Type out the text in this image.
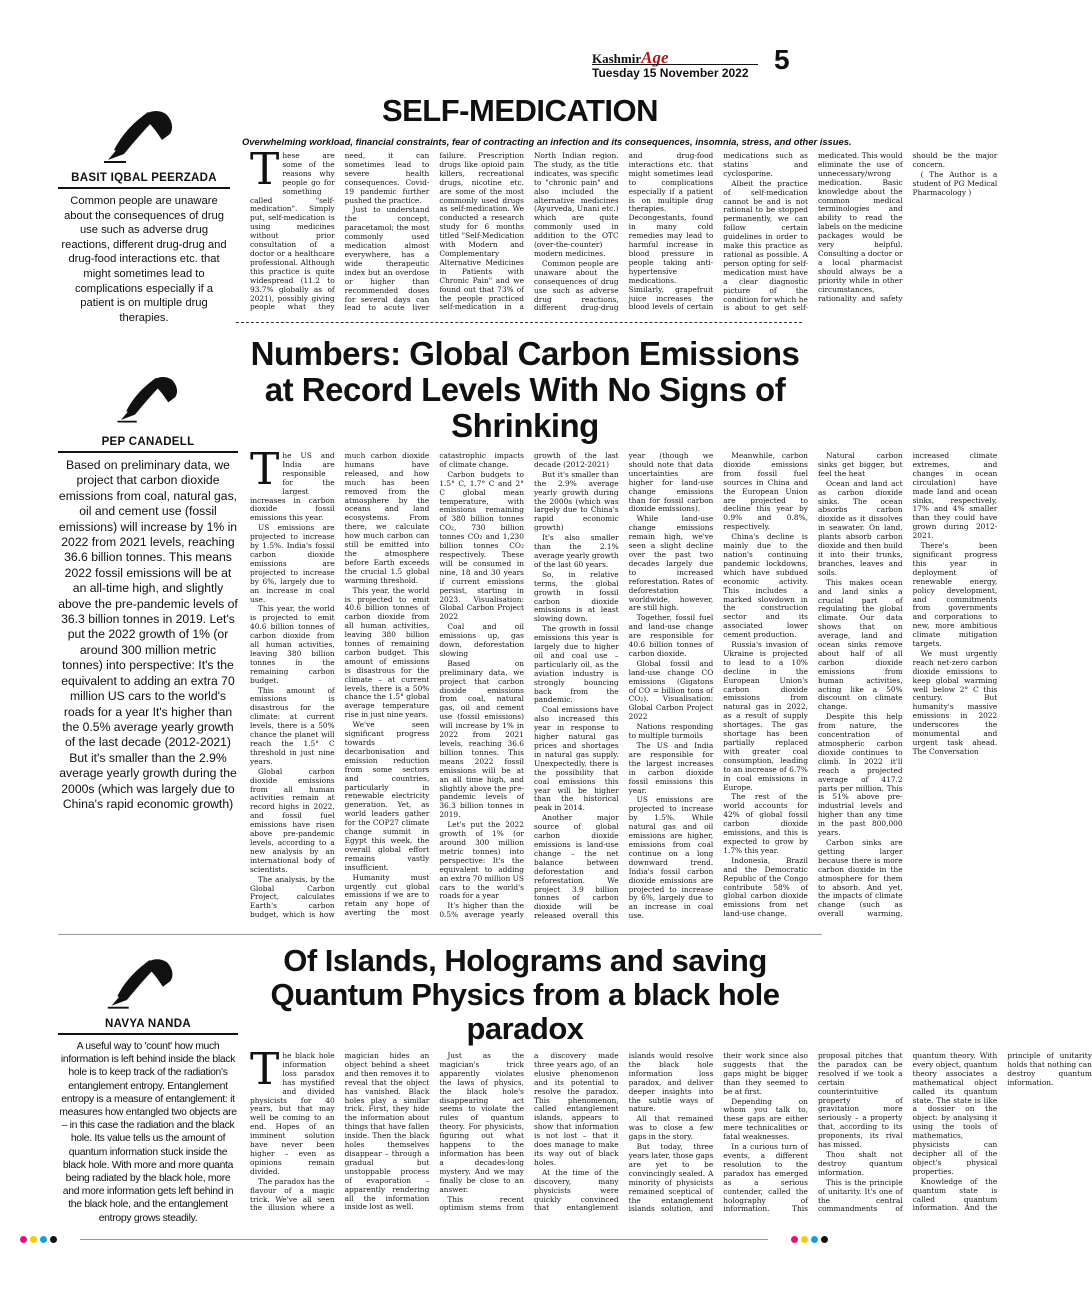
KashmirAge
Tuesday 15 November 2022 5
BASIT IQBAL PEERZADA
Common people are unaware about the consequences of drug use such as adverse drug reactions, different drug-drug and drug-food interactions etc. that might sometimes lead to complications especially if a patient is on multiple drug therapies.
SELF-MEDICATION
Overwhelming workload, financial constraints, fear of contracting an infection and its consequences, insomnia, stress, and other issues.

These are some of the reasons why people go for something called "self-medication". Simply put, self-medication is using medicines without prior consultation of a doctor or a healthcare professional. Although this practice is quite widespread (11.2 to 93.7% globally as of 2021), possibly giving people what they need, it can sometimes lead to severe health consequences. Covid-19 pandemic further pushed the practice.

Just to understand the concept, paracetamol; the most commonly used medication almost everywhere, has a wide therapeutic index but an overdose or higher than recommended doses for several days can lead to acute liver failure. Prescription drugs like opioid pain killers, recreational drugs, nicotine etc. are some of the most commonly used drugs as self-medication. We conducted a research study for 6 months titled "Self-Medication with Modern and Complementary Alternative Medicines in Patients with Chronic Pain" and we found out that 73% of the people practiced self-medication in a North Indian region. The study, as the title indicates, was specific to "chronic pain" and also included the alternative medicines (Ayurveda, Unani etc.) which are quite commonly used in addition to the OTC (over-the-counter) modern medicines.

Common people are unaware about the consequences of drug use such as adverse drug reactions, different drug-drug and drug-food interactions etc. that might sometimes lead to complications especially if a patient is on multiple drug therapies. Decongestants, found in many cold remedies may lead to harmful increase in blood pressure in people taking anti-hypertensive medications. Similarly, grapefruit juice increases the blood levels of certain medications such as statins and cyclosporine.

Albeit the practice of self-medication cannot be and is not rational to be stopped permanently, we can follow certain guidelines in order to make this practice as rational as possible. A person opting for self-medication must have a clear diagnostic picture of the condition for which he is about to get self-medicated. This would eliminate the use of unnecessary/wrong medication. Basic knowledge about the common medical terminologies and ability to read the labels on the medicine packages would be very helpful. Consulting a doctor or a local pharmacist should always be a priority while in other circumstances, rationality and safety should be the major concern.

( The Author is a student of PG Medical Pharmacology )

PEP CANADELL
Based on preliminary data, we project that carbon dioxide emissions from coal, natural gas, oil and cement use (fossil emissions) will increase by 1% in 2022 from 2021 levels, reaching 36.6 billion tonnes. This means 2022 fossil emissions will be at an all-time high, and slightly above the pre-pandemic levels of 36.3 billion tonnes in 2019. Let's put the 2022 growth of 1% (or around 300 million metric tonnes) into perspective: It's the equivalent to adding an extra 70 million US cars to the world's roads for a year It's higher than the 0.5% average yearly growth of the last decade (2012-2021) But it's smaller than the 2.9% average yearly growth during the 2000s (which was largely due to China's rapid economic growth)
Numbers: Global Carbon Emissions at Record Levels With No Signs of Shrinking

The US and India are responsible for the largest increases in carbon dioxide fossil emissions this year.

US emissions are projected to increase by 1.5%. India's fossil carbon dioxide emissions are projected to increase by 6%, largely due to an increase in coal use.

This year, the world is projected to emit 40.6 billion tonnes of carbon dioxide from all human activities, leaving 380 billion tonnes in the remaining carbon budget.

This amount of emissions is disastrous for the climate: at current levels, there is a 50% chance the planet will reach the 1.5° C threshold in just nine years.

Global carbon dioxide emissions from all human activities remain at record highs in 2022, and fossil fuel emissions have risen above pre-pandemic levels, according to a new analysis by an international body of scientists.

The analysis, by the Global Carbon Project, calculates Earth's carbon budget, which is how much carbon dioxide humans have released, and how much has been removed from the atmosphere by the oceans and land ecosystems. From there, we calculate how much carbon can still be emitted into the atmosphere before Earth exceeds the crucial 1.5 global warming threshold.

This year, the world is projected to emit 40.6 billion tonnes of carbon dioxide from all human activities, leaving 380 billion tonnes of remaining carbon budget. This amount of emissions is disastrous for the climate – at current levels, there is a 50% chance the 1.5° global average temperature rise in just nine years.

We've seen significant progress towards decarbonisation and emission reduction from some sectors and countries, particularly in renewable electricity generation. Yet, as world leaders gather for the COP27 climate change summit in Egypt this week, the overall global effort remains vastly insufficient.

Humanity must urgently cut global emissions if we are to retain any hope of averting the most catastrophic impacts of climate change.

Carbon budgets to 1.5° C, 1.7° C and 2° C global mean temperature, with emissions remaining of 380 billion tonnes CO₂, 730 billion tonnes CO₂ and 1,230 billion tonnes CO₂ respectively. These will be consumed in nine, 18 and 30 years if current emissions persist, starting in 2023. Visualisation: Global Carbon Project 2022

Coal and oil emissions up, gas down, deforestation slowing

Based on preliminary data, we project that carbon dioxide emissions from coal, natural gas, oil and cement use (fossil emissions) will increase by 1% in 2022 from 2021 levels, reaching 36.6 billion tonnes. This means 2022 fossil emissions will be at an all time high, and slightly above the pre-pandemic levels of 36.3 billion tonnes in 2019.

Let's put the 2022 growth of 1% (or around 300 million metric tonnes) into perspective: It's the equivalent to adding an extra 70 million US cars to the world's roads for a year

It's higher than the 0.5% average yearly growth of the last decade (2012-2021)

But it's smaller than the 2.9% average yearly growth during the 2000s (which was largely due to China's rapid economic growth)

It's also smaller than the 2.1% average yearly growth of the last 60 years.

So, in relative terms, the global growth in fossil carbon dioxide emissions is at least slowing down.

The growth in fossil emissions this year is largely due to higher oil and coal use – particularly oil, as the aviation industry is strongly bouncing back from the pandemic.

Coal emissions have also increased this year in response to higher natural gas prices and shortages in natural gas supply. Unexpectedly, there is the possibility that coal emissions this year will be higher than the historical peak in 2014.

Another major source of global carbon dioxide emissions is land-use change – the net balance between deforestation and reforestation. We project 3.9 billion tonnes of carbon dioxide will be released overall this year (though we should note that data uncertainties are higher for land-use change emissions than for fossil carbon dioxide emissions).

While land-use change emissions remain high, we've seen a slight decline over the past two decades largely due to increased reforestation. Rates of deforestation worldwide, however, are still high.

Together, fossil fuel and land-use change are responsible for 40.6 billion tonnes of carbon dioxide.

Global fossil and land-use change CO emissions (Gigatons of CO = billion tons of CO₂). Visualisation: Global Carbon Project 2022

Nations responding to multiple turmoils

The US and India are responsible for the largest increases in carbon dioxide fossil emissions this year.

US emissions are projected to increase by 1.5%. While natural gas and oil emissions are higher, emissions from coal continue on a long downward trend. India's fossil carbon dioxide emissions are projected to increase by 6%, largely due to an increase in coal use.

Meanwhile, carbon dioxide emissions from fossil fuel sources in China and the European Union are projected to decline this year by 0.9% and 0.8%, respectively.

China's decline is mainly due to the nation's continuing pandemic lockdowns, which have subdued economic activity. This includes a marked slowdown in the construction sector and its associated lower cement production.

Russia's invasion of Ukraine is projected to lead to a 10% decline in the European Union's carbon dioxide emissions from natural gas in 2022, as a result of supply shortages. The gas shortage has been partially replaced with greater coal consumption, leading to an increase of 6.7% in coal emissions in Europe.

The rest of the world accounts for 42% of global fossil carbon dioxide emissions, and this is expected to grow by 1.7% this year.

Indonesia, Brazil and the Democratic Republic of the Congo contribute 58% of global carbon dioxide emissions from net land-use change.

Natural carbon sinks get bigger, but feel the heat

Ocean and land act as carbon dioxide sinks. The ocean absorbs carbon dioxide as it dissolves in seawater. On land, plants absorb carbon dioxide and then build it into their trunks, branches, leaves and soils.

This makes ocean and land sinks a crucial part of regulating the global climate. Our data shows that on average, land and ocean sinks remove about half of all carbon dioxide emissions from human activities, acting like a 50% discount on climate change.

Despite this help from nature, the concentration of atmospheric carbon dioxide continues to climb. In 2022 it'll reach a projected average of 417.2 parts per million. This is 51% above pre-industrial levels and higher than any time in the past 800,000 years.

Carbon sinks are getting larger because there is more carbon dioxide in the atmosphere for them to absorb. And yet, the impacts of climate change (such as overall warming, increased climate extremes, and changes in ocean circulation) have made land and ocean sinks, respectively, 17% and 4% smaller than they could have grown during 2012-2021.

There's been significant progress this year in deployment of renewable energy, policy development, and commitments from governments and corporations to new, more ambitious climate mitigation targets.

We must urgently reach net-zero carbon dioxide emissions to keep global warming well below 2° C this century. But humanity's massive emissions in 2022 underscores the monumental and urgent task ahead. The Conversation

NAVYA NANDA
A useful way to 'count' how much information is left behind inside the black hole is to keep track of the radiation's entanglement entropy. Entanglement entropy is a measure of entanglement: it measures how entangled two objects are – in this case the radiation and the black hole. Its value tells us the amount of quantum information stuck inside the black hole. With more and more quanta being radiated by the black hole, more and more information gets left behind in the black hole, and the entanglement entropy grows steadily.
Of Islands, Holograms and saving Quantum Physics from a black hole paradox

The black hole information loss paradox has mystified and divided physicists for 40 years, but that may well be coming to an end. Hopes of an imminent solution have never been higher – even as opinions remain divided.

The paradox has the flavour of a magic trick. We've all seen the illusion where a magician hides an object behind a sheet and then removes it to reveal that the object has vanished. Black holes play a similar trick. First, they hide the information about things that have fallen inside. Then the black holes themselves disappear – through a gradual but unstoppable process of evaporation – apparently rendering all the information inside lost as well.

Just as the magician's trick apparently violates the laws of physics, the black hole's disappearing act seems to violate the rules of quantum theory. For physicists, figuring out what happens to the information has been a decades-long mystery. And we may finally be close to an answer.

This recent optimism stems from a discovery made three years ago, of an elusive phenomenon and its potential to resolve the paradox. This phenomenon, called entanglement islands, appears to show that information is not lost – that it does manage to make its way out of black holes.

At the time of the discovery, many physicists were quickly convinced that entanglement islands would resolve the black hole information loss paradox, and deliver deeper insights into the subtle ways of nature.

All that remained was to close a few gaps in the story.

But today, three years later, those gaps are yet to be convincingly sealed. A minority of physicists remained sceptical of the entanglement islands solution, and their work since also suggests that the gaps might be bigger than they seemed to be at first.

Depending on whom you talk to, these gaps are either mere technicalities or fatal weaknesses.

In a curious turn of events, a different resolution to the paradox has emerged as a serious contender, called the holography of information. This proposal pitches that the paradox can be resolved if we took a certain counterintuitive property of gravitation more seriously – a property that, according to its proponents, its rival has missed.

Thou shalt not destroy quantum information.

This is the principle of unitarity. It's one of the central commandments of quantum theory. With every object, quantum theory associates a mathematical object called its quantum state. The state is like a dossier on the object: by analysing it using the tools of mathematics, physicists can decipher all of the object's physical properties.

Knowledge of the quantum state is called quantum information. And the principle of unitarity holds that nothing can destroy quantum information.
